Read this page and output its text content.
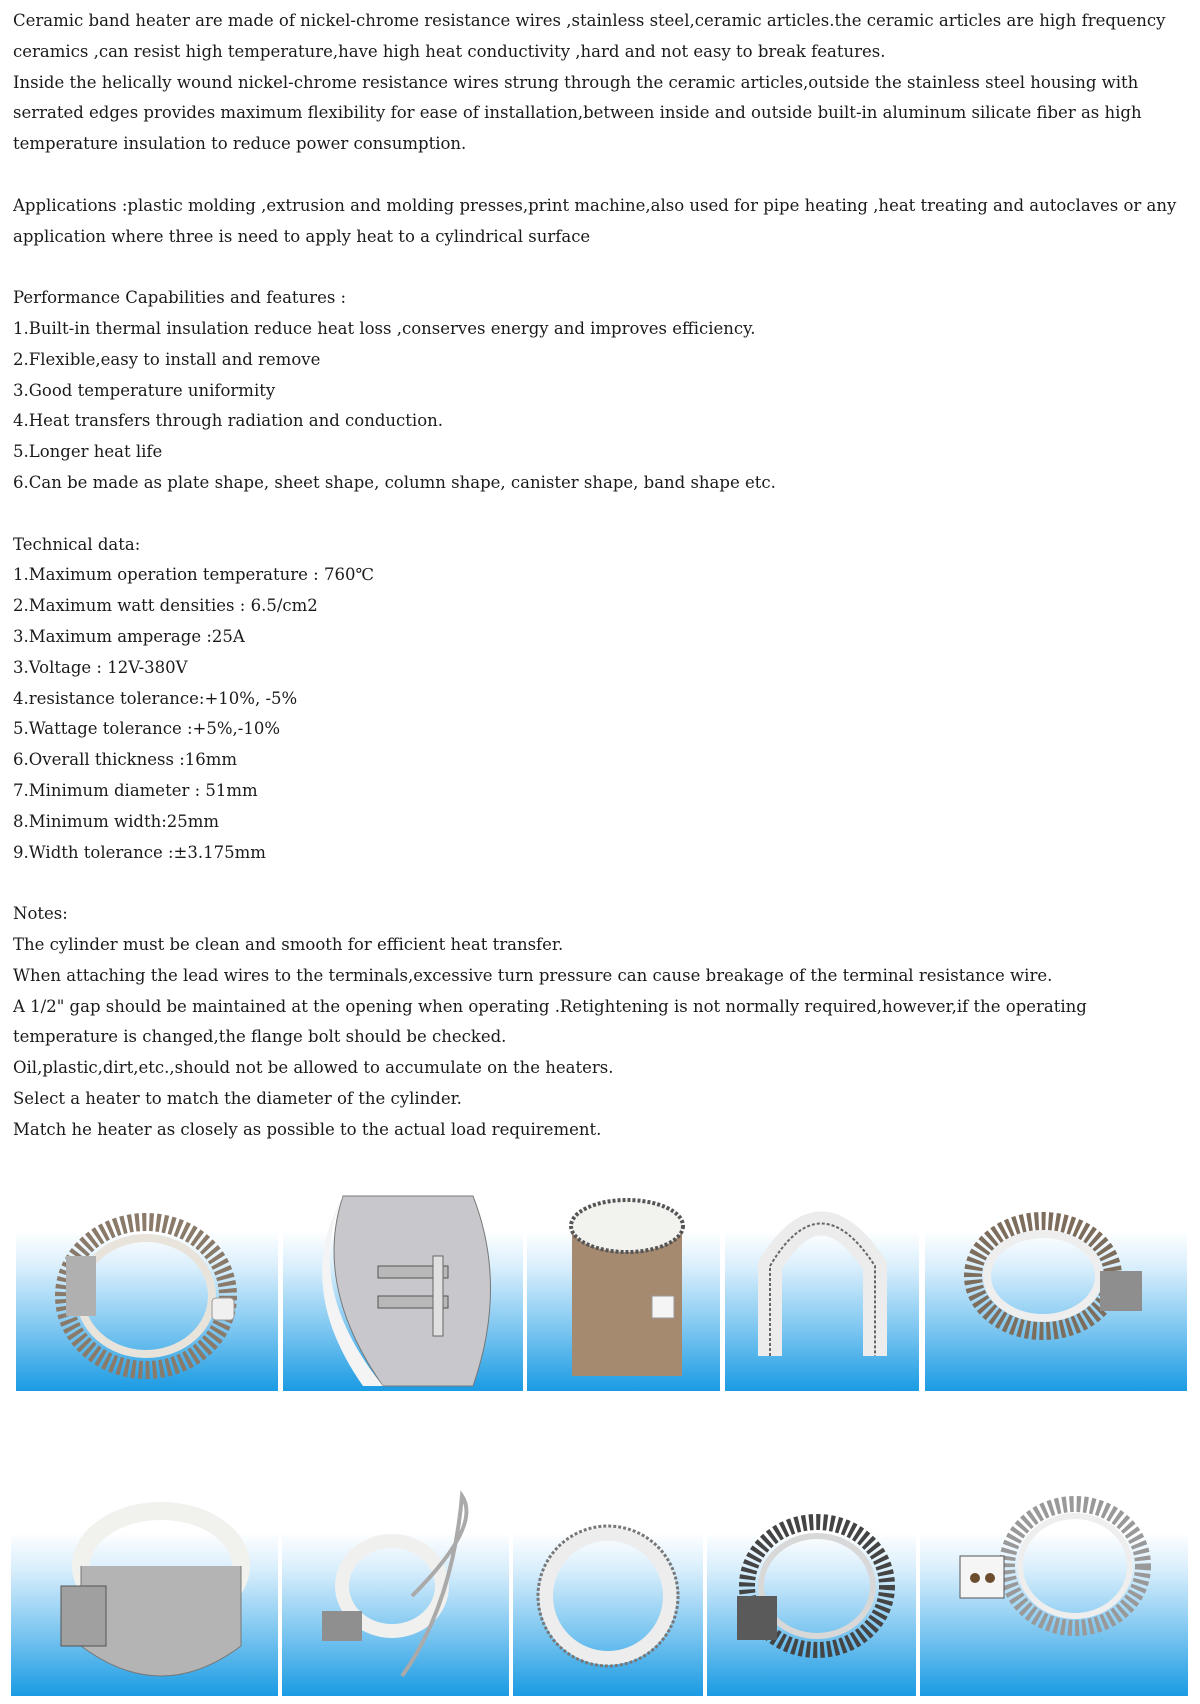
Ceramic band heater are made of nickel-chrome resistance wires ,stainless steel,ceramic articles.the ceramic articles are high frequency ceramics ,can resist high temperature,have high heat conductivity ,hard and not easy to break features.

Inside the helically wound nickel-chrome resistance wires strung through the ceramic articles,outside the stainless steel housing with serrated edges provides maximum flexibility for ease of installation,between inside and outside built-in aluminum silicate fiber as high temperature insulation to reduce power consumption.

Applications :plastic molding ,extrusion and molding presses,print machine,also used for pipe heating ,heat treating and autoclaves or any application where three is need to apply heat to a cylindrical surface

Performance Capabilities and features :

1.Built-in thermal insulation reduce heat loss ,conserves energy and improves efficiency.

2.Flexible,easy to install and remove

3.Good temperature uniformity

4.Heat transfers through radiation and conduction.

5.Longer heat life

6.Can be made as plate shape, sheet shape, column shape, canister shape, band shape etc.

Technical data:

1.Maximum operation temperature : 760℃

2.Maximum watt densities : 6.5/cm2

3.Maximum amperage :25A

3.Voltage : 12V-380V

4.resistance tolerance:+10%, -5%

5.Wattage tolerance :+5%,-10%

6.Overall thickness :16mm

7.Minimum diameter : 51mm

8.Minimum width:25mm

9.Width tolerance :±3.175mm

Notes:

The cylinder must be clean and smooth for efficient heat transfer.

When attaching the lead wires to the terminals,excessive turn pressure can cause breakage of the terminal resistance wire.

A 1/2" gap should be maintained at the opening when operating .Retightening is not normally required,however,if the operating temperature is changed,the flange bolt should be checked.

Oil,plastic,dirt,etc.,should not be allowed to accumulate on the heaters.

Select a heater to match the diameter of the cylinder.

Match he heater as closely as possible to the actual load requirement.
